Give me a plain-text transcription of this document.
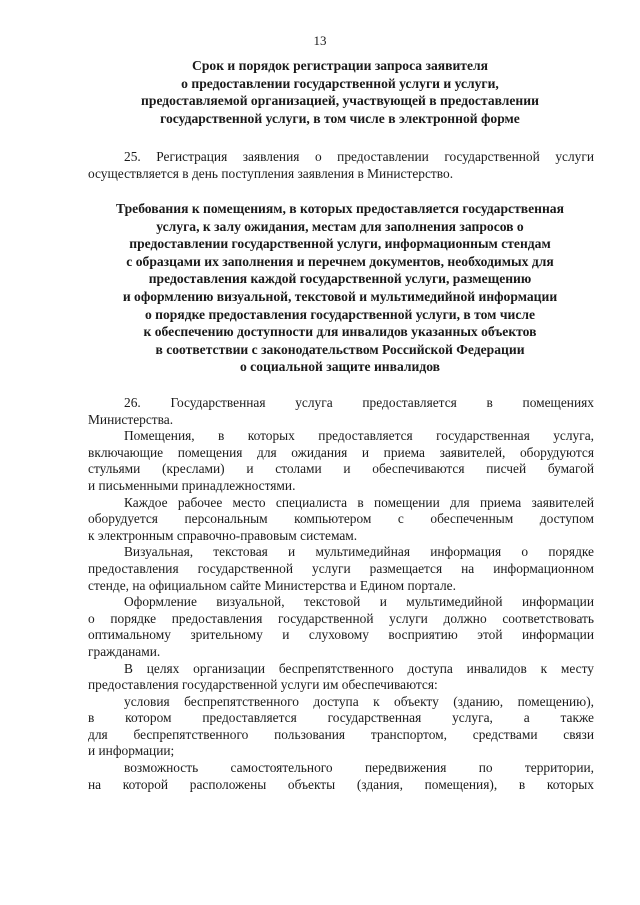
13
Срок и порядок регистрации запроса заявителя
о предоставлении государственной услуги и услуги,
предоставляемой организацией, участвующей в предоставлении
государственной услуги, в том числе в электронной форме
25. Регистрация заявления о предоставлении государственной услуги
осуществляется в день поступления заявления в Министерство.
Требования к помещениям, в которых предоставляется государственная
услуга, к залу ожидания, местам для заполнения запросов о
предоставлении государственной услуги, информационным стендам
с образцами их заполнения и перечнем документов, необходимых для
предоставления каждой государственной услуги, размещению
и оформлению визуальной, текстовой и мультимедийной информации
о порядке предоставления государственной услуги, в том числе
к обеспечению доступности для инвалидов указанных объектов
в соответствии с законодательством Российской Федерации
о социальной защите инвалидов
26. Государственная услуга предоставляется в помещениях
Министерства.
Помещения, в которых предоставляется государственная услуга,
включающие помещения для ожидания и приема заявителей, оборудуются
стульями (креслами) и столами и обеспечиваются писчей бумагой
и письменными принадлежностями.
Каждое рабочее место специалиста в помещении для приема заявителей
оборудуется персональным компьютером с обеспеченным доступом
к электронным справочно-правовым системам.
Визуальная, текстовая и мультимедийная информация о порядке
предоставления государственной услуги размещается на информационном
стенде, на официальном сайте Министерства и Едином портале.
Оформление визуальной, текстовой и мультимедийной информации
о порядке предоставления государственной услуги должно соответствовать
оптимальному зрительному и слуховому восприятию этой информации
гражданами.
В целях организации беспрепятственного доступа инвалидов к месту
предоставления государственной услуги им обеспечиваются:
условия беспрепятственного доступа к объекту (зданию, помещению),
в котором предоставляется государственная услуга, а также
для беспрепятственного пользования транспортом, средствами связи
и информации;
возможность самостоятельного передвижения по территории,
на которой расположены объекты (здания, помещения), в которых
